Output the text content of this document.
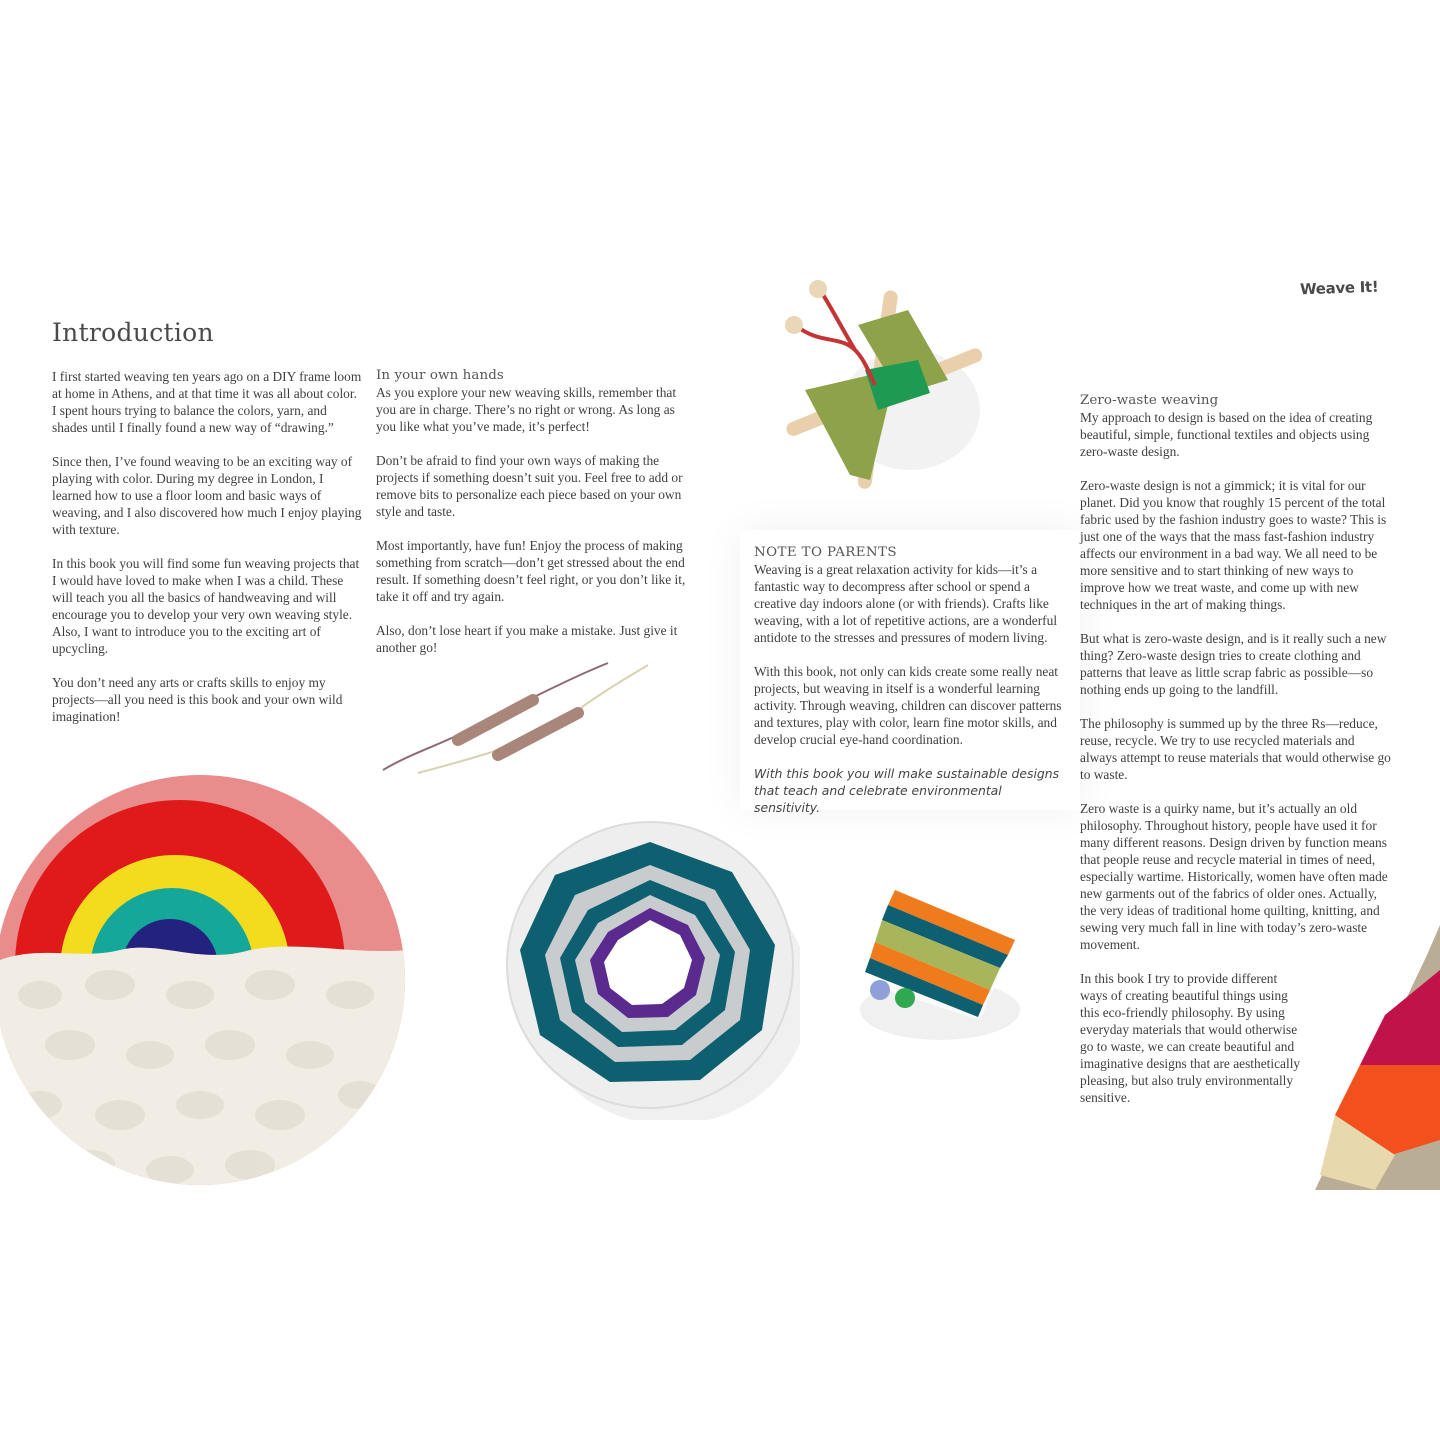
Weave It!
Introduction

I first started weaving ten years ago on a DIY frame loom at home in Athens, and at that time it was all about color. I spent hours trying to balance the colors, yarn, and shades until I finally found a new way of “drawing.”

Since then, I’ve found weaving to be an exciting way of playing with color. During my degree in London, I learned how to use a floor loom and basic ways of weaving, and I also discovered how much I enjoy playing with texture.

In this book you will find some fun weaving projects that I would have loved to make when I was a child. These will teach you all the basics of handweaving and will encourage you to develop your very own weaving style. Also, I want to introduce you to the exciting art of upcycling.

You don’t need any arts or crafts skills to enjoy my projects—all you need is this book and your own wild imagination!

In your own hands

As you explore your new weaving skills, remember that you are in charge. There’s no right or wrong. As long as you like what you’ve made, it’s perfect!

Don’t be afraid to find your own ways of making the projects if something doesn’t suit you. Feel free to add or remove bits to personalize each piece based on your own style and taste.

Most importantly, have fun! Enjoy the process of making something from scratch—don’t get stressed about the end result. If something doesn’t feel right, or you don’t like it, take it off and try again.

Also, don’t lose heart if you make a mistake. Just give it another go!

NOTE TO PARENTS

Weaving is a great relaxation activity for kids—it’s a fantastic way to decompress after school or spend a creative day indoors alone (or with friends). Crafts like weaving, with a lot of repetitive actions, are a wonderful antidote to the stresses and pressures of modern living.

With this book, not only can kids create some really neat projects, but weaving in itself is a wonderful learning activity. Through weaving, children can discover patterns and textures, play with color, learn fine motor skills, and develop crucial eye-hand coordination.

With this book you will make sustainable designs that teach and celebrate environmental sensitivity.

Zero-waste weaving

My approach to design is based on the idea of creating beautiful, simple, functional textiles and objects using zero-waste design.

Zero-waste design is not a gimmick; it is vital for our planet. Did you know that roughly 15 percent of the total fabric used by the fashion industry goes to waste? This is just one of the ways that the mass fast-fashion industry affects our environment in a bad way. We all need to be more sensitive and to start thinking of new ways to improve how we treat waste, and come up with new techniques in the art of making things.

But what is zero-waste design, and is it really such a new thing? Zero-waste design tries to create clothing and patterns that leave as little scrap fabric as possible—so nothing ends up going to the landfill.

The philosophy is summed up by the three Rs—reduce, reuse, recycle. We try to use recycled materials and always attempt to reuse materials that would otherwise go to waste.

Zero waste is a quirky name, but it’s actually an old philosophy. Throughout history, people have used it for many different reasons. Design driven by function means that people reuse and recycle material in times of need, especially wartime. Historically, women have often made new garments out of the fabrics of older ones. Actually, the very ideas of traditional home quilting, knitting, and sewing very much fall in line with today’s zero-waste movement.

In this book I try to provide different ways of creating beautiful things using this eco-friendly philosophy. By using everyday materials that would otherwise go to waste, we can create beautiful and imaginative designs that are aesthetically pleasing, but also truly environmentally sensitive.
